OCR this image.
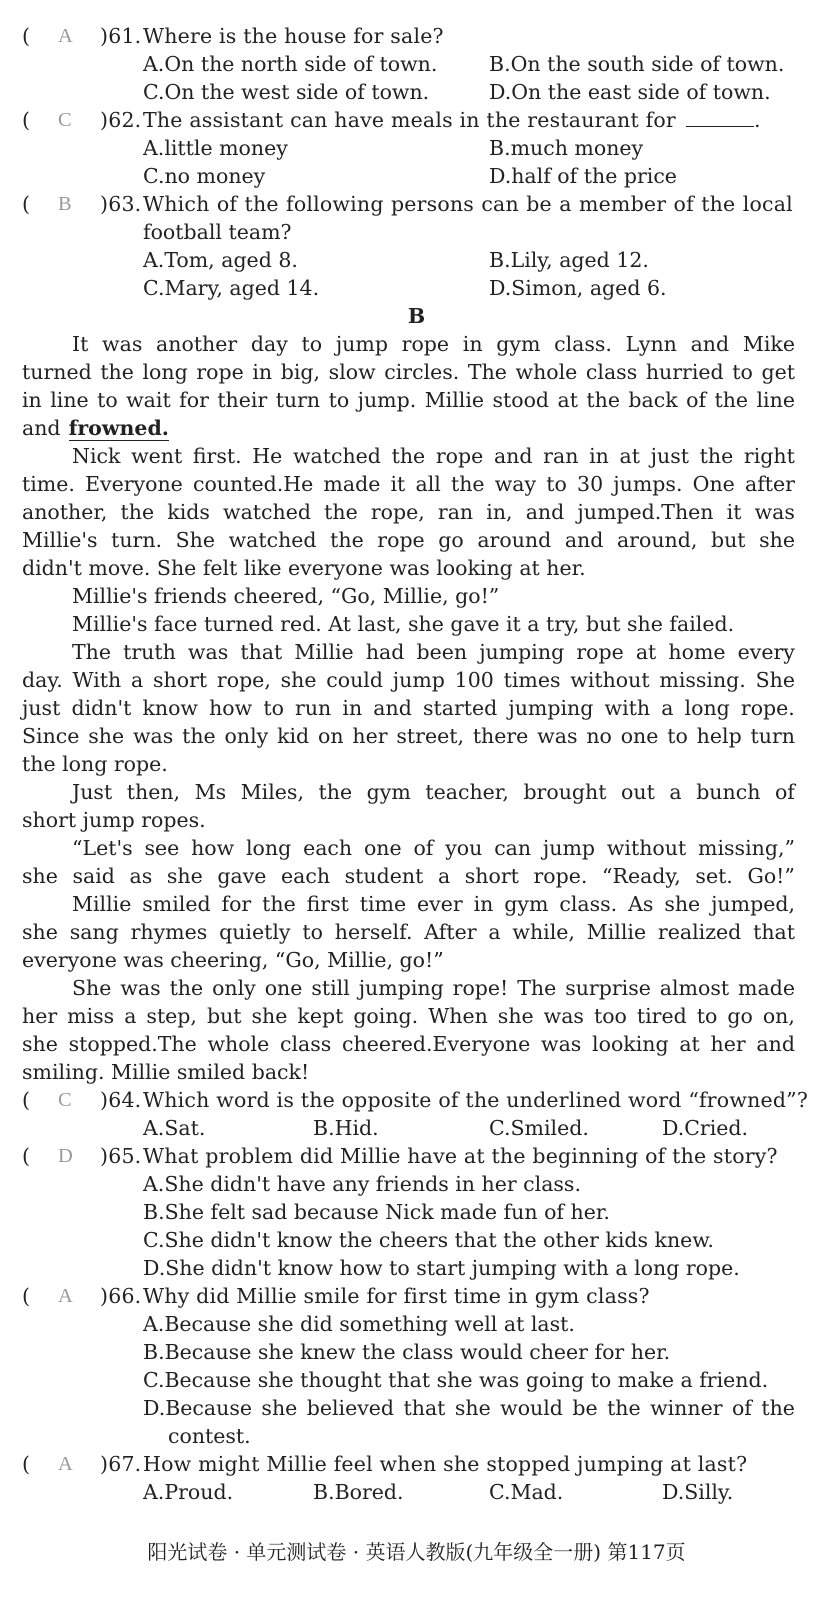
( A )61. Where is the house for sale?
A.On the north side of town.	B.On the south side of town.
C.On the west side of town.	D.On the east side of town.
( C )62. The assistant can have meals in the restaurant for	.
A.little money	B.much money
C.no money	D.half of the price
( B )63. Which of the following persons can be a member of the local
football team?
A.Tom, aged 8.	B.Lily, aged 12.
C.Mary, aged 14.	D.Simon, aged 6.
B
It was another day to jump rope in gym class. Lynn and Mike
turned the long rope in big, slow circles. The whole class hurried to get
in line to wait for their turn to jump. Millie stood at the back of the line
and frowned.
Nick went first. He watched the rope and ran in at just the right
time. Everyone counted.He made it all the way to 30 jumps. One after
another, the kids watched the rope, ran in, and jumped.Then it was
Millie's turn. She watched the rope go around and around, but she
didn't move. She felt like everyone was looking at her.
Millie's friends cheered, “Go, Millie, go!”
Millie's face turned red. At last, she gave it a try, but she failed.
The truth was that Millie had been jumping rope at home every
day. With a short rope, she could jump 100 times without missing. She
just didn't know how to run in and started jumping with a long rope.
Since she was the only kid on her street, there was no one to help turn
the long rope.
Just then, Ms Miles, the gym teacher, brought out a bunch of
short jump ropes.
“Let's see how long each one of you can jump without missing,”
she said as she gave each student a short rope. “Ready, set. Go!”
Millie smiled for the first time ever in gym class. As she jumped,
she sang rhymes quietly to herself. After a while, Millie realized that
everyone was cheering, “Go, Millie, go!”
She was the only one still jumping rope! The surprise almost made
her miss a step, but she kept going. When she was too tired to go on,
she stopped.The whole class cheered.Everyone was looking at her and
smiling. Millie smiled back!
( C )64. Which word is the opposite of the underlined word “frowned”?
A.Sat.	B.Hid.	C.Smiled.	D.Cried.
( D )65. What problem did Millie have at the beginning of the story?
A.She didn't have any friends in her class.
B.She felt sad because Nick made fun of her.
C.She didn't know the cheers that the other kids knew.
D.She didn't know how to start jumping with a long rope.
( A )66. Why did Millie smile for first time in gym class?
A.Because she did something well at last.
B.Because she knew the class would cheer for her.
C.Because she thought that she was going to make a friend.
D.Because she believed that she would be the winner of the
contest.
( A )67. How might Millie feel when she stopped jumping at last?
A.Proud.	B.Bored.	C.Mad.	D.Silly.
阳光试卷 · 单元测试卷 · 英语人教版(九年级全一册) 第117页
